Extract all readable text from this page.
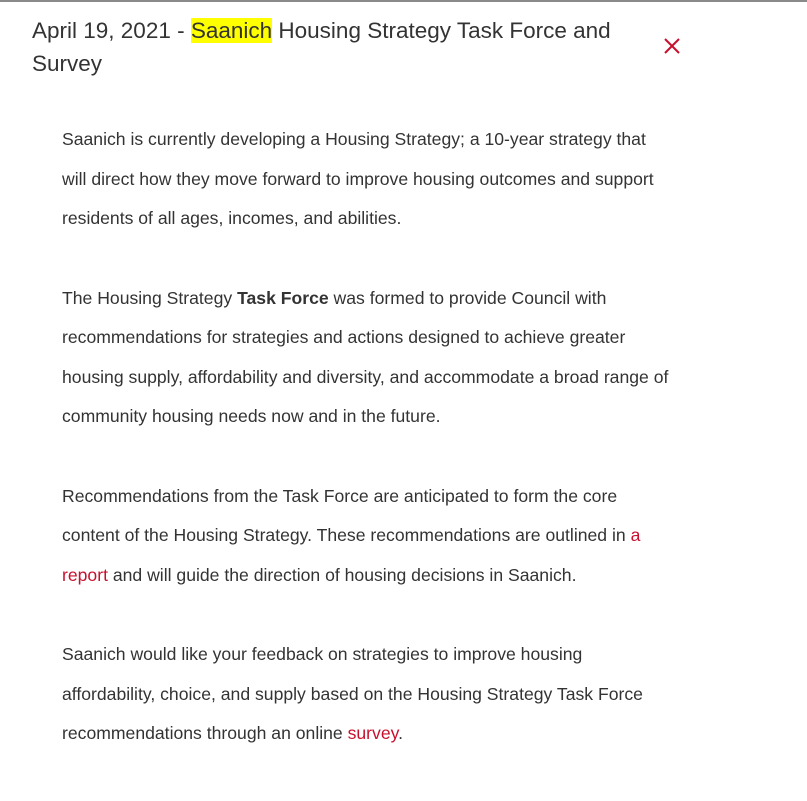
April 19, 2021 - Saanich Housing Strategy Task Force and Survey

Saanich is currently developing a Housing Strategy; a 10-year strategy that will direct how they move forward to improve housing outcomes and support residents of all ages, incomes, and abilities.

The Housing Strategy Task Force was formed to provide Council with recommendations for strategies and actions designed to achieve greater housing supply, affordability and diversity, and accommodate a broad range of community housing needs now and in the future.

Recommendations from the Task Force are anticipated to form the core content of the Housing Strategy. These recommendations are outlined in a report and will guide the direction of housing decisions in Saanich.

Saanich would like your feedback on strategies to improve housing affordability, choice, and supply based on the Housing Strategy Task Force recommendations through an online survey.
